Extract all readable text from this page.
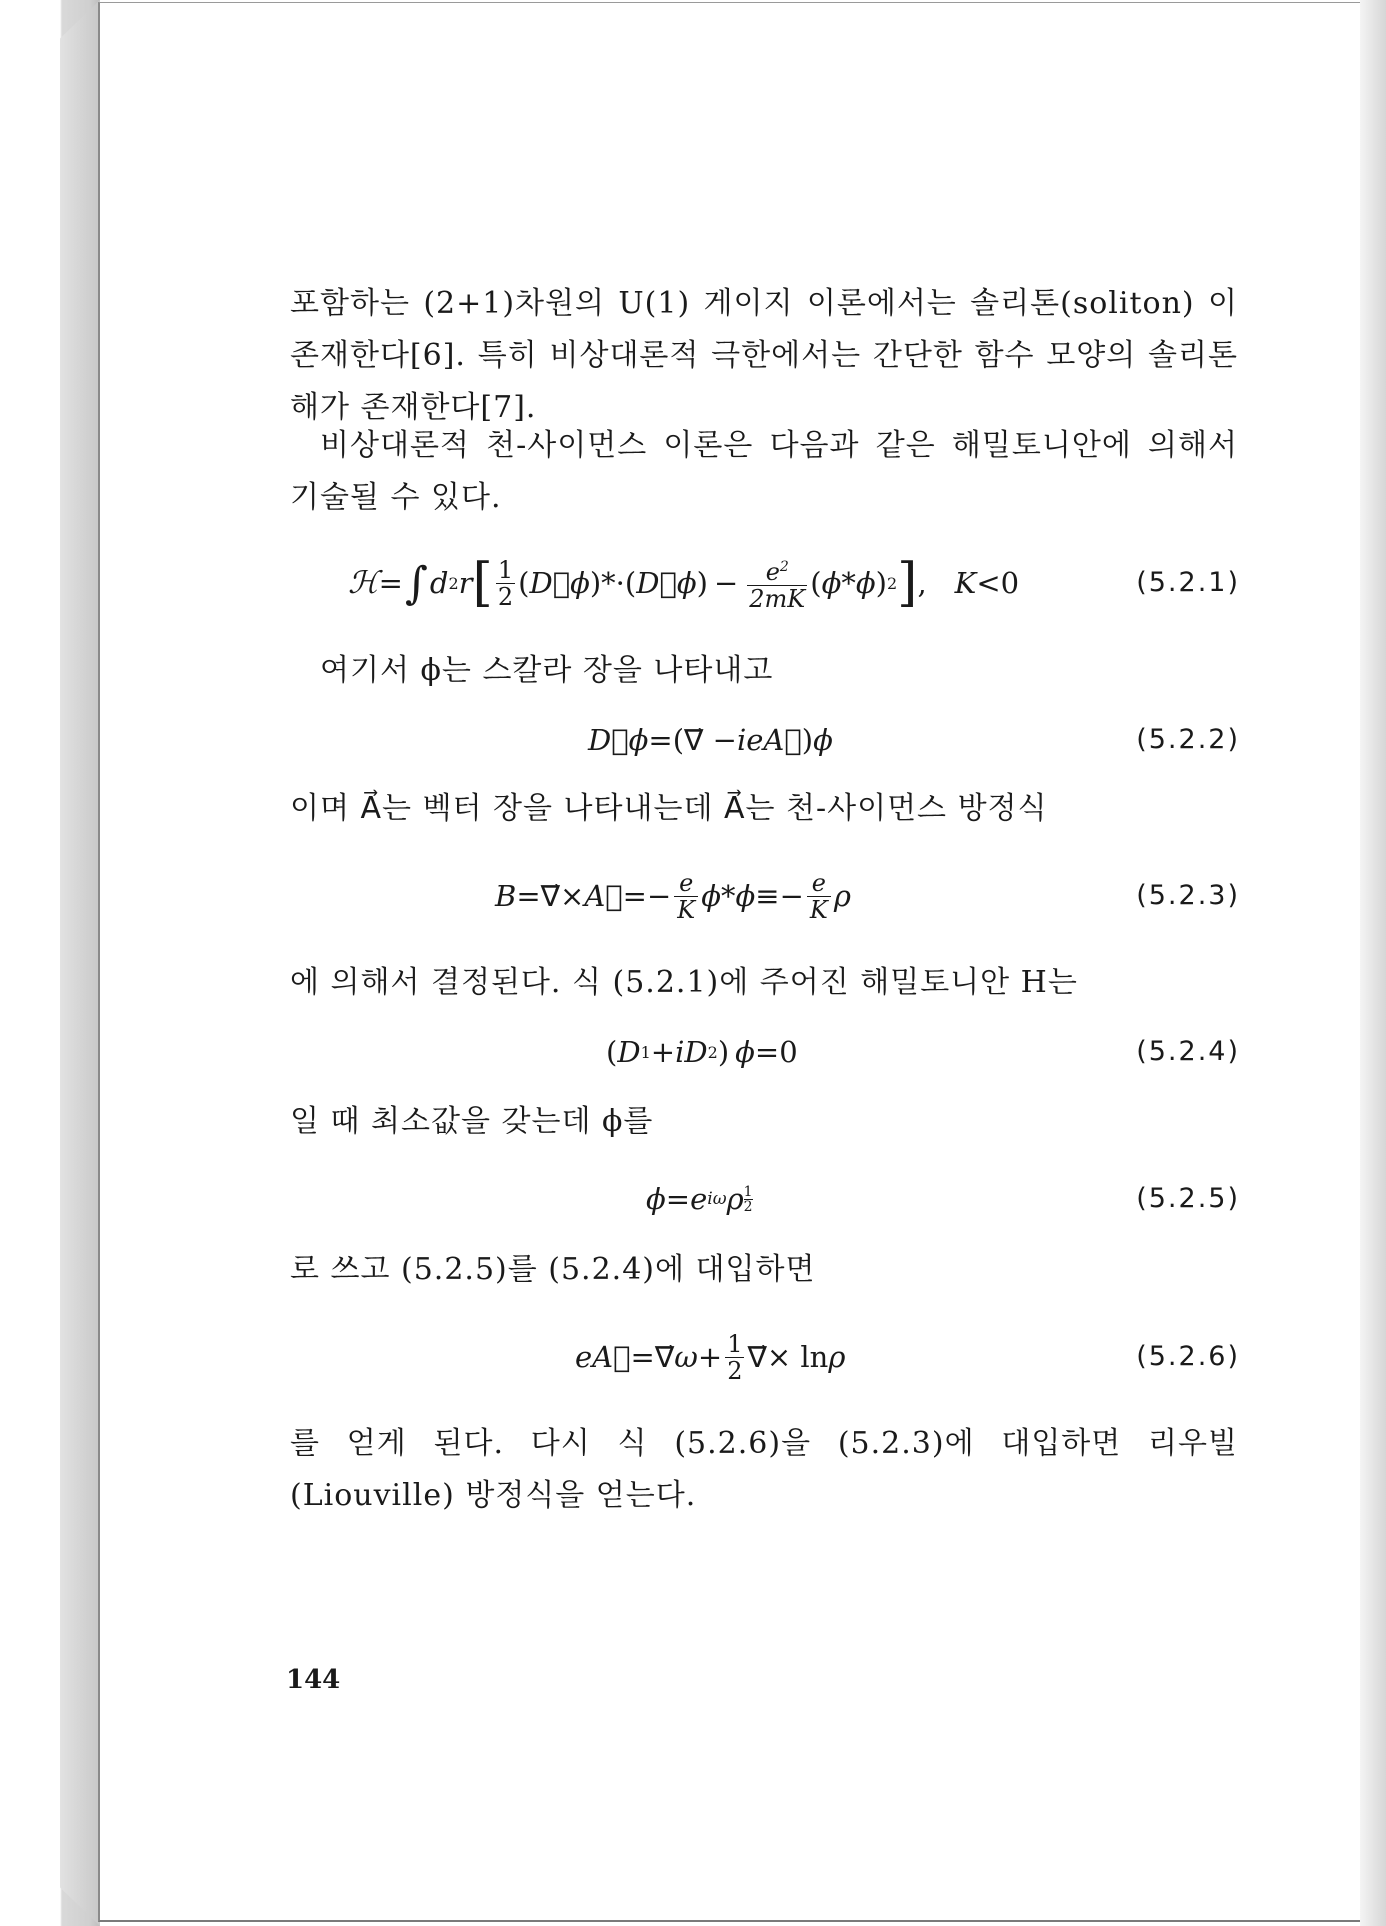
포함하는 (2+1)차원의 U(1) 게이지 이론에서는 솔리톤(soliton) 이 존재한다[6]. 특히 비상대론적 극한에서는 간단한 함수 모양의 솔리톤 해가 존재한다[7].
비상대론적 천-사이먼스 이론은 다음과 같은 해밀토니안에 의해서 기술될 수 있다.
ℋ = ∫ d 2 r [ 1
2 ( D⃗ϕ )*·( D⃗ϕ ) − $\frac{e^2}{2mK}$ ( ϕ * ϕ ) 2 ] , K <0	(5.2.1)
여기서 ϕ는 스칼라 장을 나타내고
D⃗ϕ =(∇⃗ − ieA⃗ ) ϕ	(5.2.2)
이며 A⃗는 벡터 장을 나타내는데 A⃗는 천-사이먼스 방정식
B =∇⃗× A⃗ =− $\frac{e}{K}$ $\phi * \phi \equiv- \frac{e}{K}$ ρ	(5.2.3)
에 의해서 결정된다. 식 (5.2.1)에 주어진 해밀토니안 H는
( D 1 + iD 2 ) ϕ =0	(5.2.4)
일 때 최소값을 갖는데 ϕ를
ϕ = e iω ρ 1
2	(5.2.5)
로 쓰고 (5.2.5)를 (5.2.4)에 대입하면
eA⃗ =∇⃗ $\omega + \frac{1}{2}$ ∇⃗× ln ρ	(5.2.6)
를 얻게 된다. 다시 식 (5.2.6)을 (5.2.3)에 대입하면 리우빌 (Liouville) 방정식을 얻는다.
144
